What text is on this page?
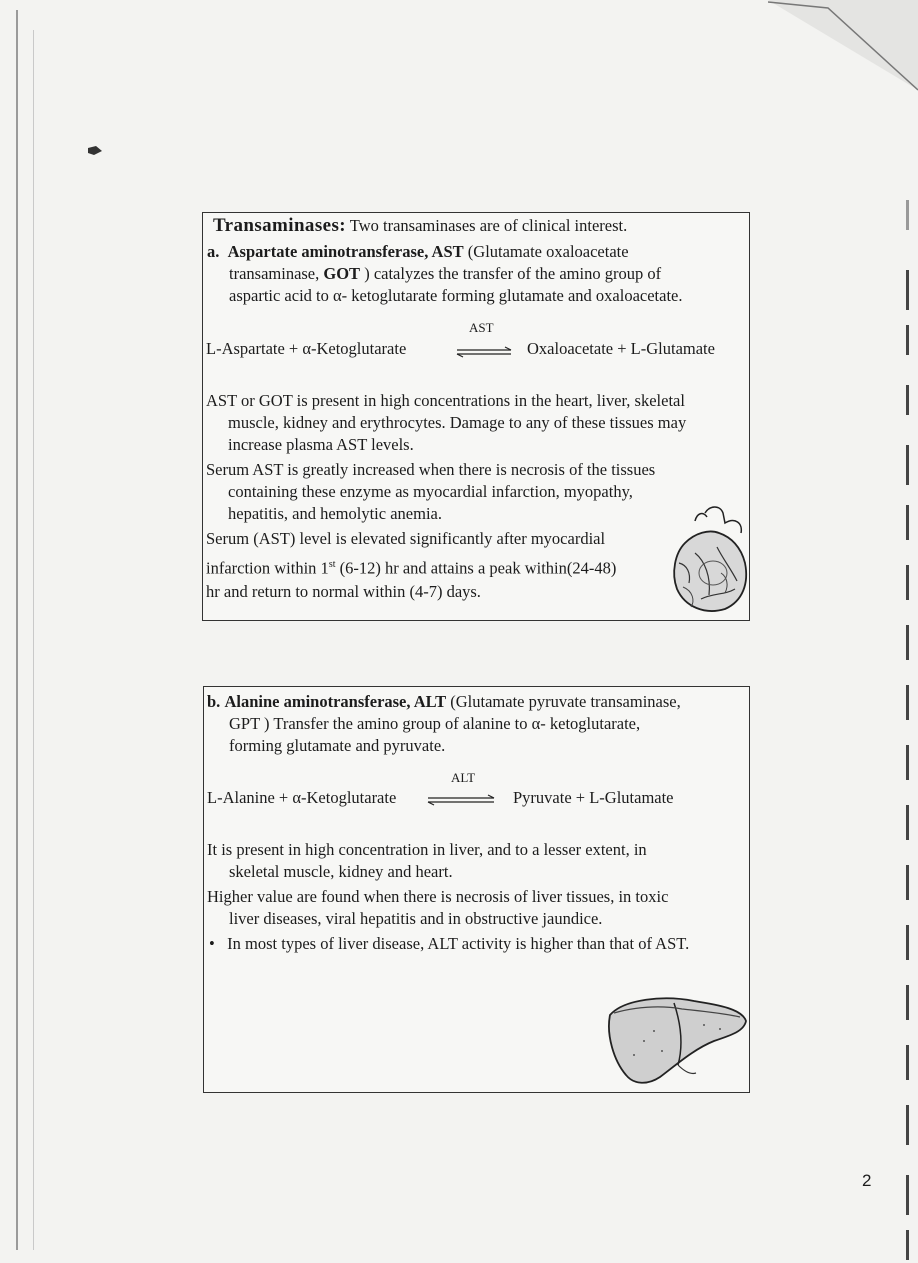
Transaminases: Two transaminases are of clinical interest.
a. Aspartate aminotransferase, AST (Glutamate oxaloacetate
transaminase, GOT ) catalyzes the transfer of the amino group of
aspartic acid to α- ketoglutarate forming glutamate and oxaloacetate.
AST
L-Aspartate + α-Ketoglutarate	⇌ Oxaloacetate + L-Glutamate
AST or GOT is present in high concentrations in the heart, liver, skeletal
muscle, kidney and erythrocytes. Damage to any of these tissues may
increase plasma AST levels.
Serum AST is greatly increased when there is necrosis of the tissues
containing these enzyme as myocardial infarction, myopathy,
hepatitis, and hemolytic anemia.
Serum (AST) level is elevated significantly after myocardial
infarction within 1st (6-12) hr and attains a peak within(24-48)
hr and return to normal within (4-7) days.
b. Alanine aminotransferase, ALT (Glutamate pyruvate transaminase,
GPT ) Transfer the amino group of alanine to α- ketoglutarate,
forming glutamate and pyruvate.
ALT
L-Alanine + α-Ketoglutarate	Pyruvate + L-Glutamate
It is present in high concentration in liver, and to a lesser extent, in
skeletal muscle, kidney and heart.
Higher value are found when there is necrosis of liver tissues, in toxic
liver diseases, viral hepatitis and in obstructive jaundice.
• In most types of liver disease, ALT activity is higher than that of AST.
2
